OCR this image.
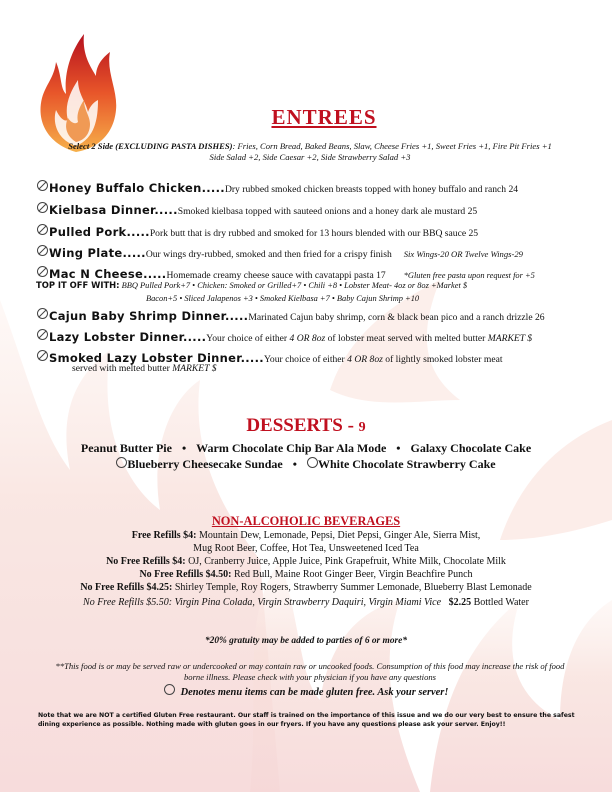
ENTREES
Select 2 Side (EXCLUDING PASTA DISHES): Fries, Corn Bread, Baked Beans, Slaw, Cheese Fries +1, Sweet Fries +1, Fire Pit Fries +1
Side Salad +2, Side Caesar +2, Side Strawberry Salad +3
Honey Buffalo Chicken.....Dry rubbed smoked chicken breasts topped with honey buffalo and ranch 24
Kielbasa Dinner.....Smoked kielbasa topped with sauteed onions and a honey dark ale mustard 25
Pulled Pork.....Pork butt that is dry rubbed and smoked for 13 hours blended with our BBQ sauce 25
Wing Plate.....Our wings dry-rubbed, smoked and then fried for a crispy finish Six Wings-20 OR Twelve Wings-29
Mac N Cheese.....Homemade creamy cheese sauce with cavatappi pasta 17 *Gluten free pasta upon request for +5
TOP IT OFF WITH: BBQ Pulled Pork+7 • Chicken: Smoked or Grilled+7 • Chili +8 • Lobster Meat- 4oz or 8oz +Market $
Bacon+5 • Sliced Jalapenos +3 • Smoked Kielbasa +7 • Baby Cajun Shrimp +10
Cajun Baby Shrimp Dinner.....Marinated Cajun baby shrimp, corn & black bean pico and a ranch drizzle 26
Lazy Lobster Dinner.....Your choice of either 4 OR 8oz of lobster meat served with melted butter MARKET $
Smoked Lazy Lobster Dinner.....Your choice of either 4 OR 8oz of lightly smoked lobster meat
served with melted butter MARKET $
DESSERTS - 9
Peanut Butter Pie • Warm Chocolate Chip Bar Ala Mode • Galaxy Chocolate Cake
Blueberry Cheesecake Sundae • White Chocolate Strawberry Cake
NON-ALCOHOLIC BEVERAGES
Free Refills $4: Mountain Dew, Lemonade, Pepsi, Diet Pepsi, Ginger Ale, Sierra Mist,
Mug Root Beer, Coffee, Hot Tea, Unsweetened Iced Tea
No Free Refills $4: OJ, Cranberry Juice, Apple Juice, Pink Grapefruit, White Milk, Chocolate Milk
No Free Refills $4.50: Red Bull, Maine Root Ginger Beer, Virgin Beachfire Punch
No Free Refills $4.25: Shirley Temple, Roy Rogers, Strawberry Summer Lemonade, Blueberry Blast Lemonade
No Free Refills $5.50: Virgin Pina Colada, Virgin Strawberry Daquiri, Virgin Miami Vice $2.25 Bottled Water
*20% gratuity may be added to parties of 6 or more*
**This food is or may be served raw or undercooked or may contain raw or uncooked foods. Consumption of this food may increase the risk of food
borne illness. Please check with your physician if you have any questions
Denotes menu items can be made gluten free. Ask your server!
Note that we are NOT a certified Gluten Free restaurant. Our staff is trained on the importance of this issue and we do our very best to ensure the safest dining experience as possible. Nothing made with gluten goes in our fryers. If you have any questions please ask your server. Enjoy!!
